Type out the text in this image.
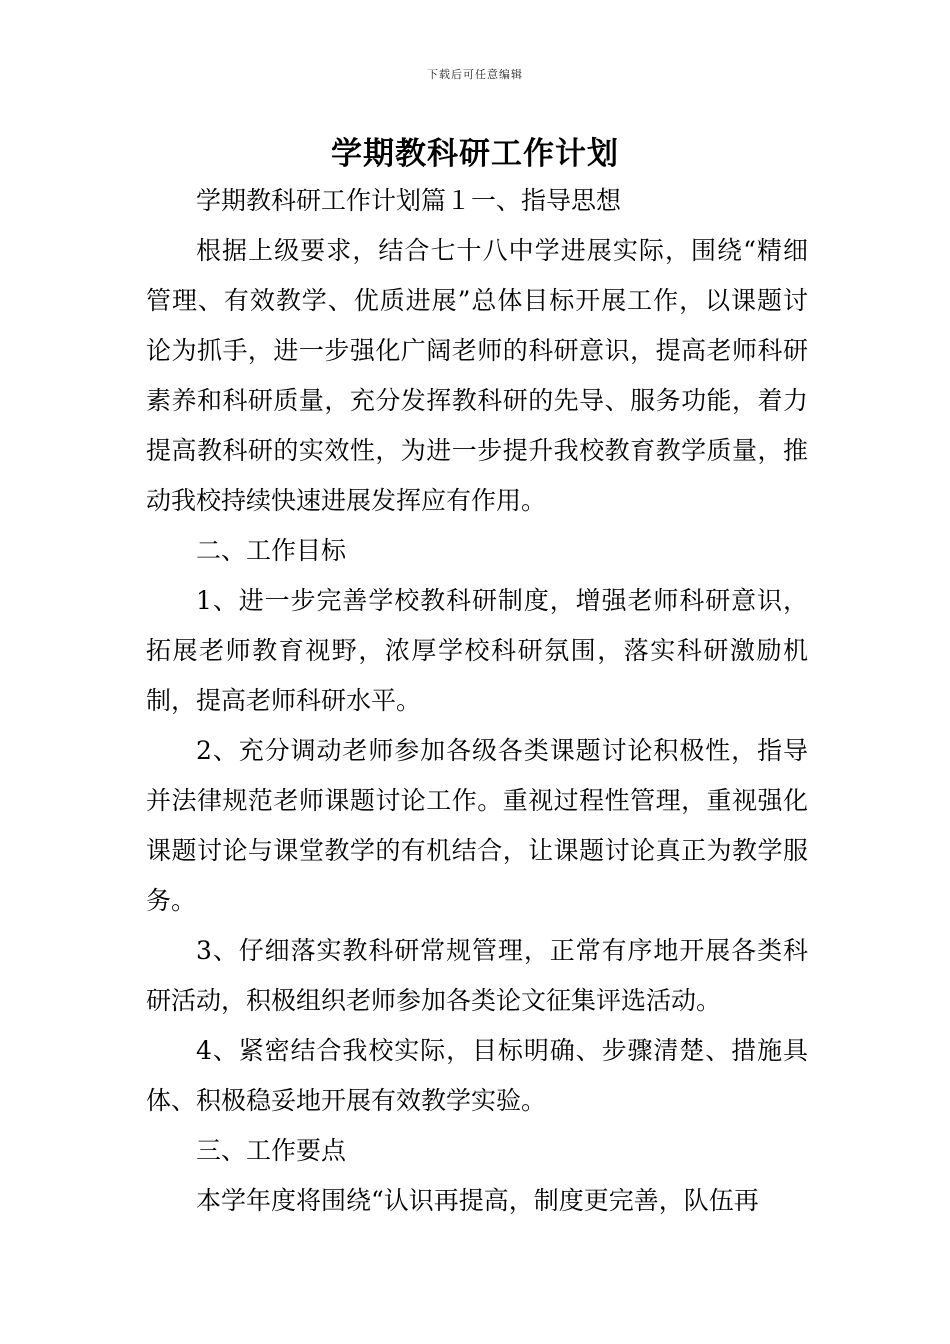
下载后可任意编辑
学期教科研工作计划

学期教科研工作计划篇１一、指导思想

根据上级要求，结合七十八中学进展实际，围绕“精细管理、有效教学、优质进展”总体目标开展工作，以课题讨论为抓手，进一步强化广阔老师的科研意识，提高老师科研素养和科研质量，充分发挥教科研的先导、服务功能，着力提高教科研的实效性，为进一步提升我校教育教学质量，推动我校持续快速进展发挥应有作用。

二、工作目标

1、进一步完善学校教科研制度，增强老师科研意识，拓展老师教育视野，浓厚学校科研氛围，落实科研激励机制，提高老师科研水平。

2、充分调动老师参加各级各类课题讨论积极性，指导并法律规范老师课题讨论工作。重视过程性管理，重视强化课题讨论与课堂教学的有机结合，让课题讨论真正为教学服务。

3、仔细落实教科研常规管理，正常有序地开展各类科研活动，积极组织老师参加各类论文征集评选活动。

4、紧密结合我校实际，目标明确、步骤清楚、措施具体、积极稳妥地开展有效教学实验。

三、工作要点

本学年度将围绕“认识再提高，制度更完善，队伍再
